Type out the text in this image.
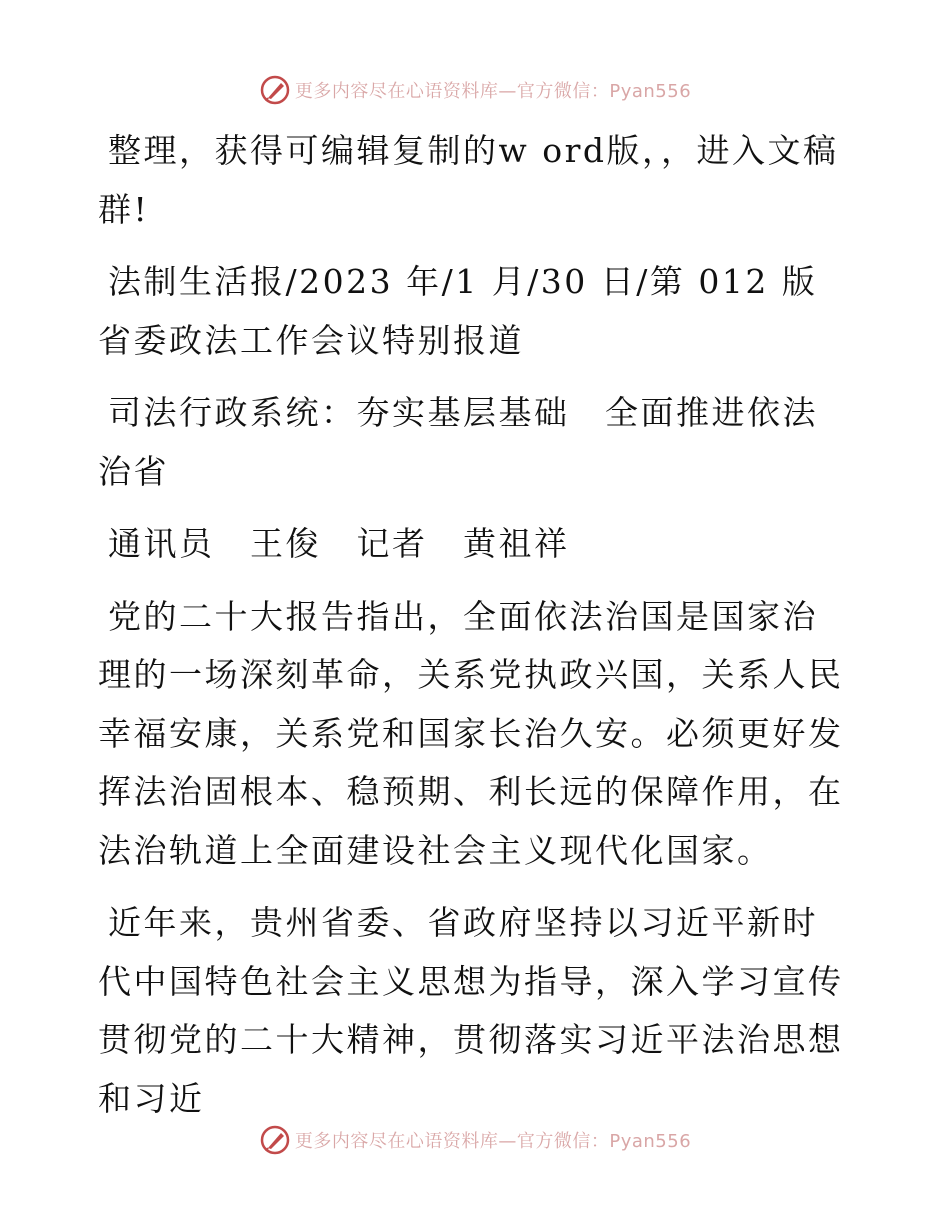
更多内容尽在心语资料库—官方微信：Pyan556

整理，获得可编辑复制的w ord版，，进入文稿群!

法制生活报/2023 年/1 月/30 日/第 012 版省委政法工作会议特别报道

司法行政系统：夯实基层基础　全面推进依法治省

通讯员　王俊　记者　黄祖祥

党的二十大报告指出，全面依法治国是国家治理的一场深刻革命，关系党执政兴国，关系人民幸福安康，关系党和国家长治久安。必须更好发挥法治固根本、稳预期、利长远的保障作用，在法治轨道上全面建设社会主义现代化国家。

近年来，贵州省委、省政府坚持以习近平新时代中国特色社会主义思想为指导，深入学习宣传贯彻党的二十大精神，贯彻落实习近平法治思想和习近

更多内容尽在心语资料库—官方微信：Pyan556
